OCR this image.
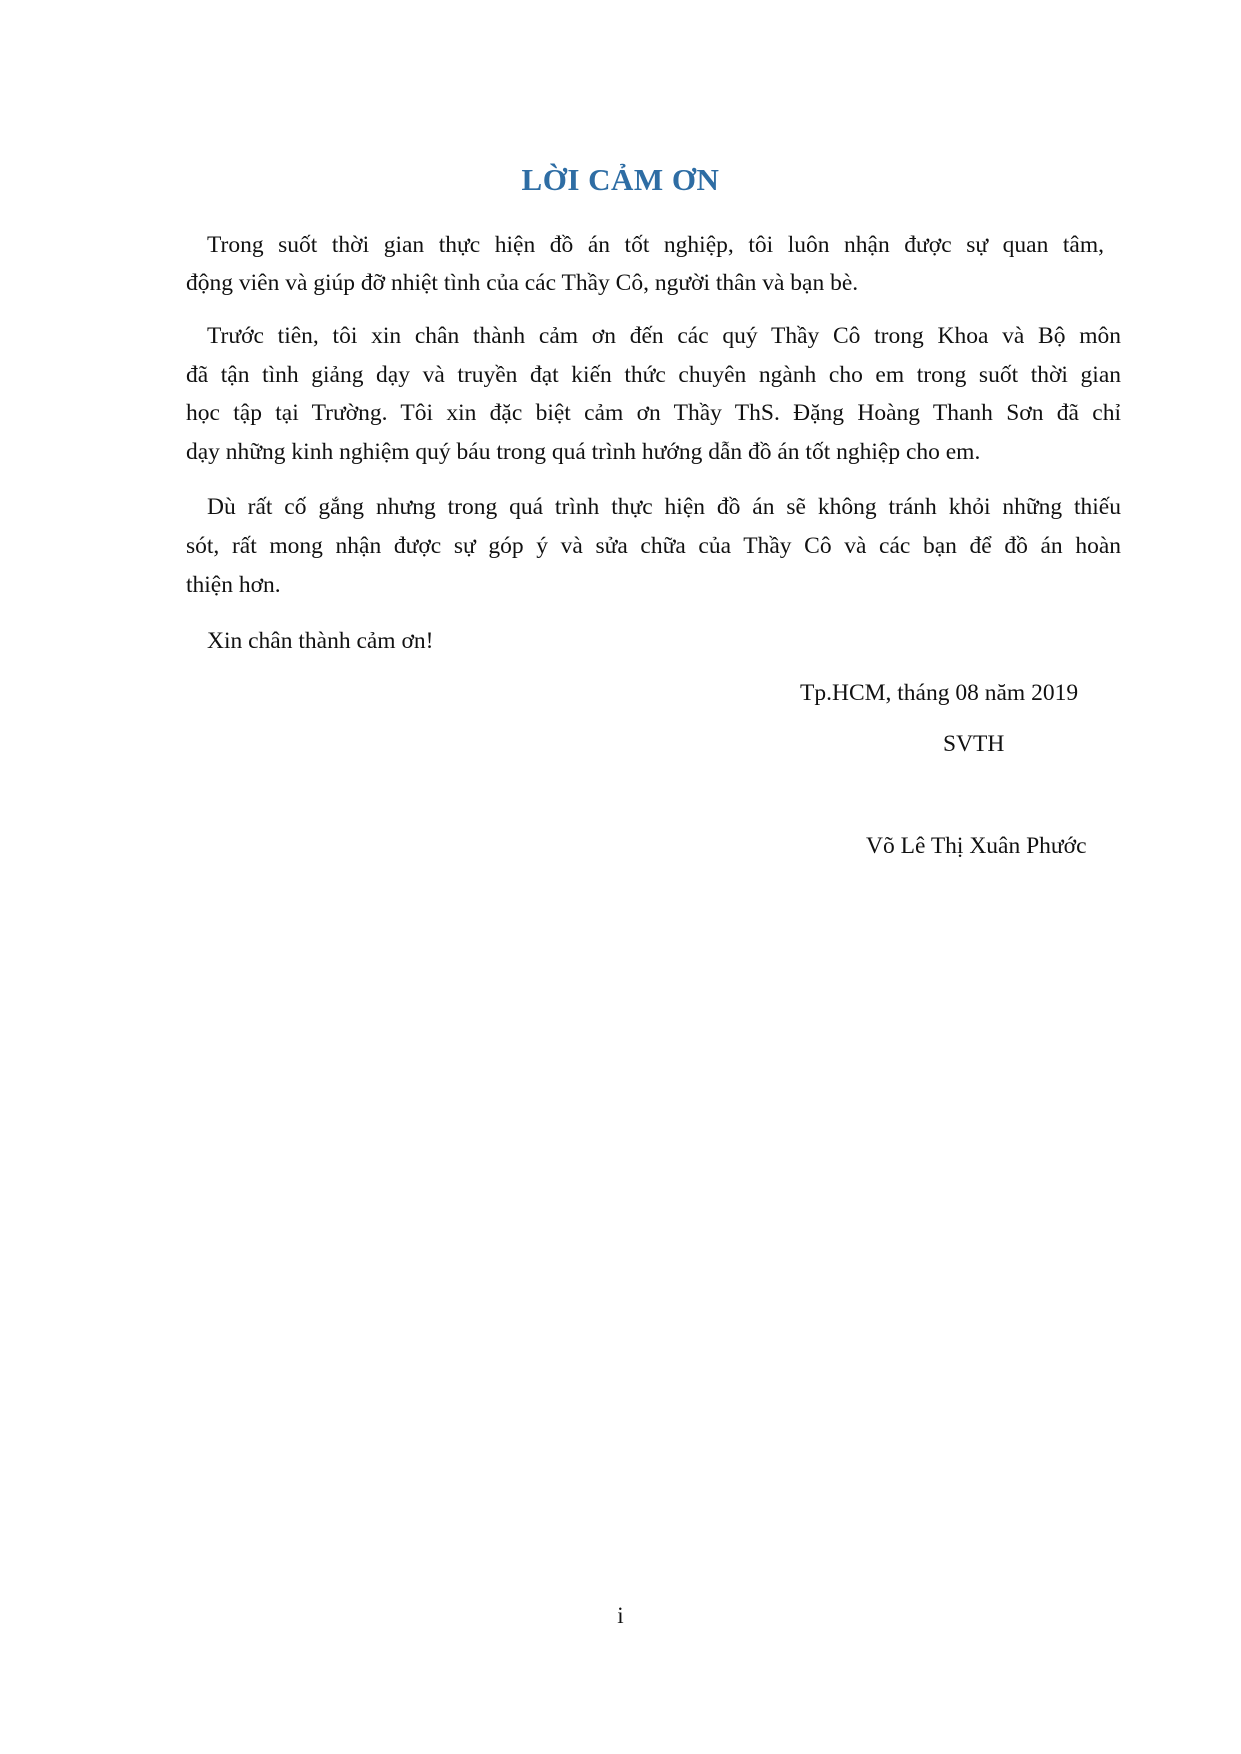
LỜI CẢM ƠN
Trong suốt thời gian thực hiện đồ án tốt nghiệp, tôi luôn nhận được sự quan tâm,
động viên và giúp đỡ nhiệt tình của các Thầy Cô, người thân và bạn bè.
Trước tiên, tôi xin chân thành cảm ơn đến các quý Thầy Cô trong Khoa và Bộ môn
đã tận tình giảng dạy và truyền đạt kiến thức chuyên ngành cho em trong suốt thời gian
học tập tại Trường. Tôi xin đặc biệt cảm ơn Thầy ThS. Đặng Hoàng Thanh Sơn đã chỉ
dạy những kinh nghiệm quý báu trong quá trình hướng dẫn đồ án tốt nghiệp cho em.
Dù rất cố gắng nhưng trong quá trình thực hiện đồ án sẽ không tránh khỏi những thiếu
sót, rất mong nhận được sự góp ý và sửa chữa của Thầy Cô và các bạn để đồ án hoàn
thiện hơn.
Xin chân thành cảm ơn!
Tp.HCM, tháng 08 năm 2019
SVTH
Võ Lê Thị Xuân Phước
i
